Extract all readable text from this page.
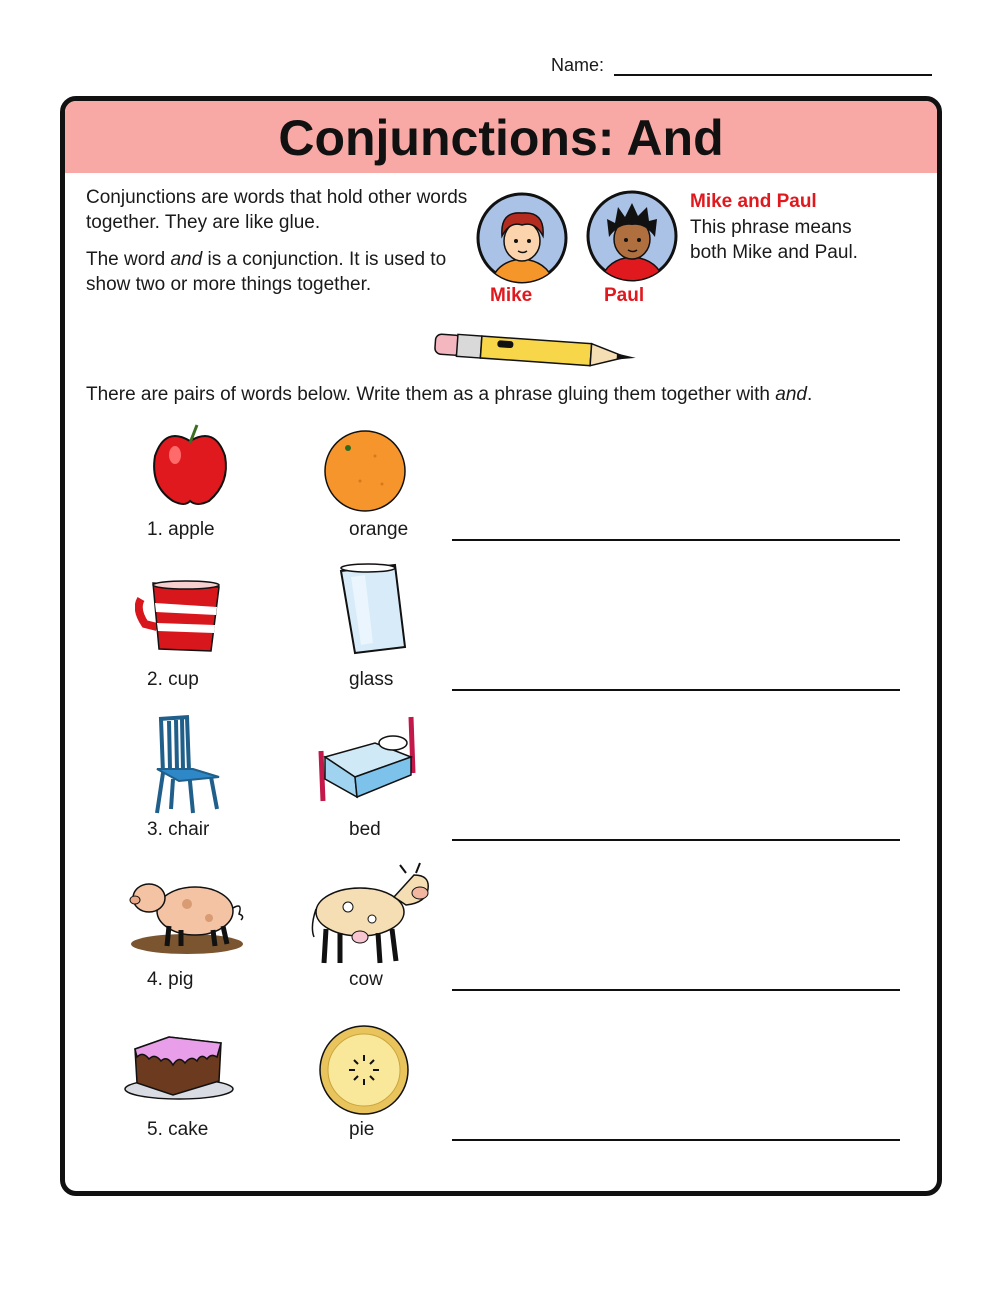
Name:
Conjunctions: And
Conjunctions are words that hold other words together. They are like glue.
The word and is a conjunction. It is used to show two or more things together.
Mike	Paul
Mike and Paul
This phrase means both Mike and Paul.
There are pairs of words below. Write them as a phrase gluing them together with and.
1. apple	orange
2. cup	glass
3. chair	bed
4. pig	cow
5. cake	pie
